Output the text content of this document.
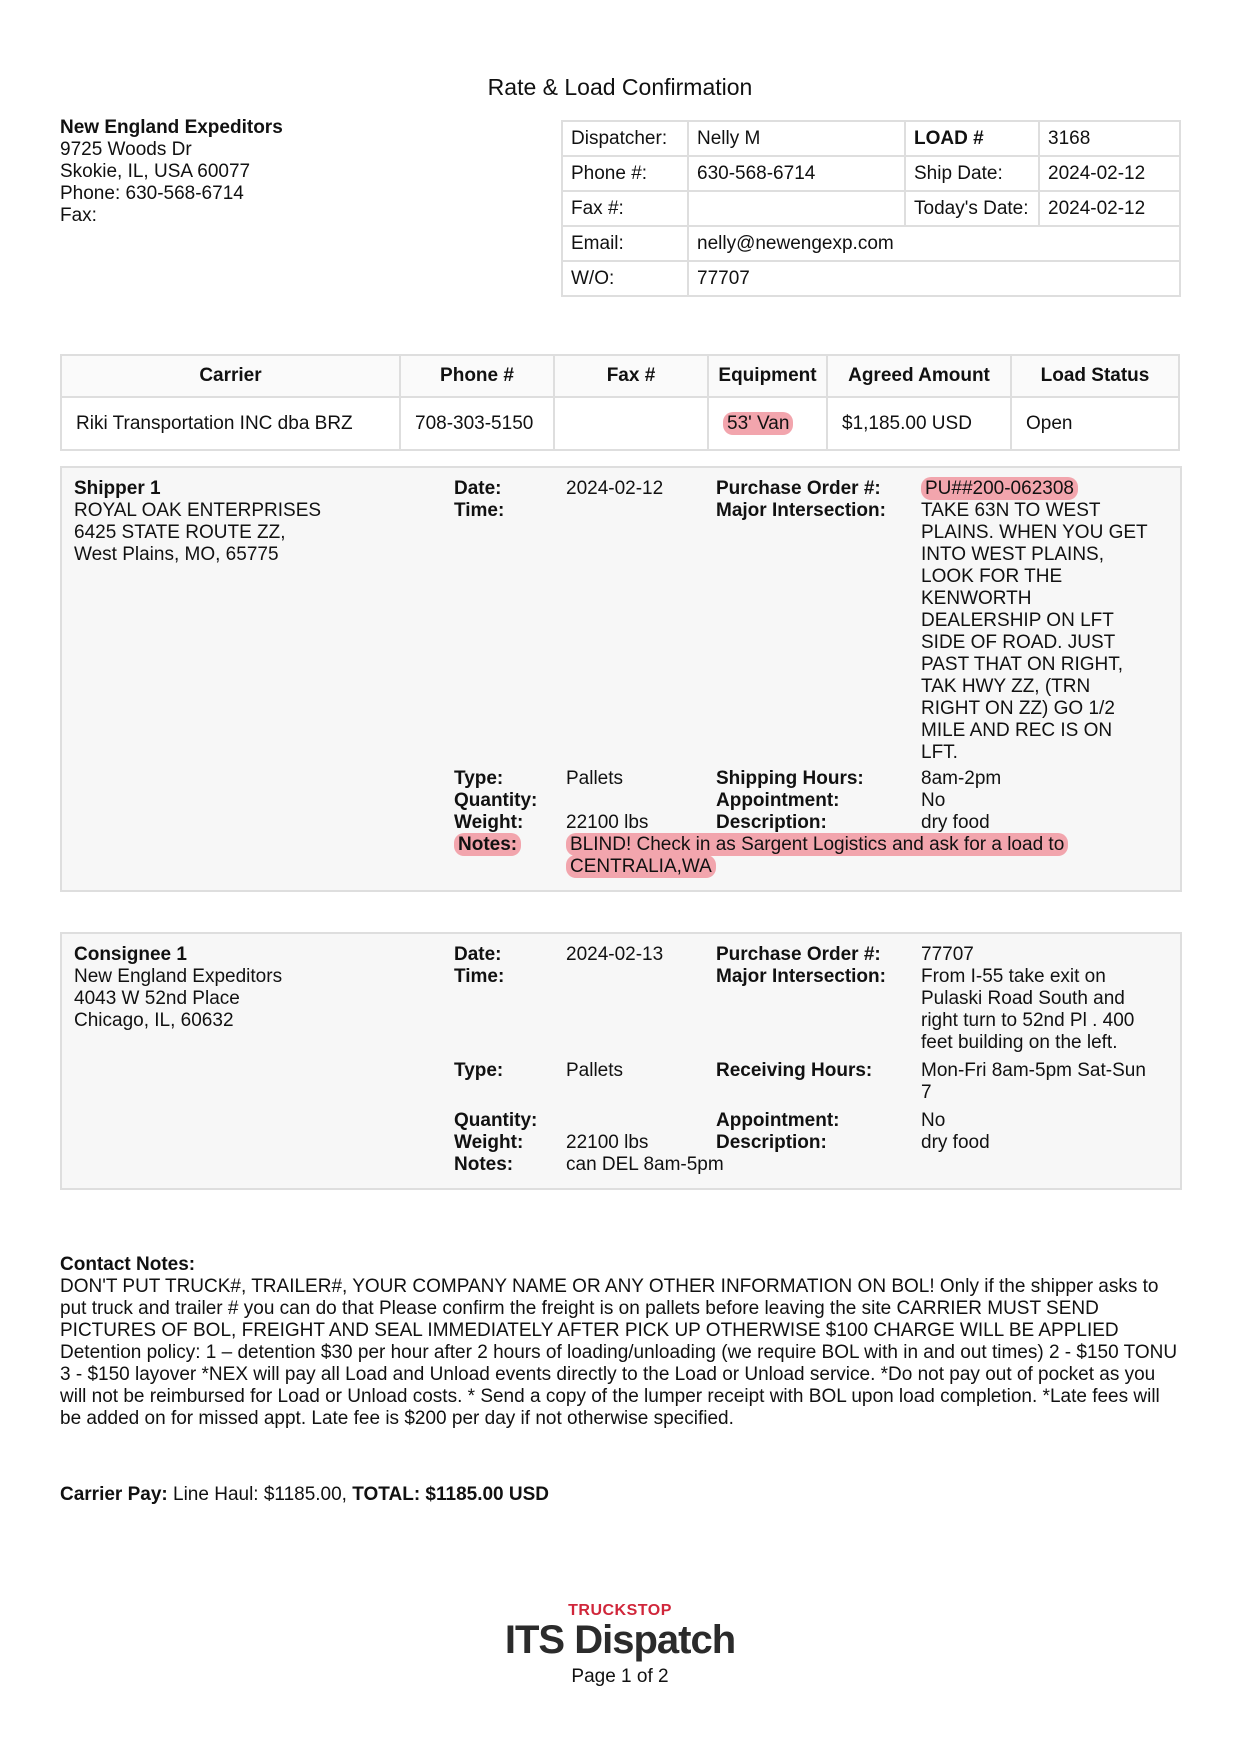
Rate & Load Confirmation
New England Expeditors
9725 Woods Dr
Skokie, IL, USA 60077
Phone: 630-568-6714
Fax:
Dispatcher:	Nelly M	LOAD #	3168
Phone #:	630-568-6714	Ship Date:	2024-02-12
Fax #:		Today's Date:	2024-02-12
Email:	nelly@newengexp.com		
W/O:	77707		
Carrier	Phone #	Fax #	Equipment	Agreed Amount	Load Status
Riki Transportation INC dba BRZ	708-303-5150		53' Van	$1,185.00 USD	Open
Shipper 1	Date:	2024-02-12	Purchase Order #:	PU##200-062308
ROYAL OAK ENTERPRISES
6425 STATE ROUTE ZZ,
West Plains, MO, 65775
Time:	Major Intersection:	TAKE 63N TO WEST PLAINS. WHEN YOU GET INTO WEST PLAINS, LOOK FOR THE KENWORTH DEALERSHIP ON LFT SIDE OF ROAD. JUST PAST THAT ON RIGHT, TAK HWY ZZ, (TRN RIGHT ON ZZ) GO 1/2 MILE AND REC IS ON LFT.
Type:	Pallets	Shipping Hours:	8am-2pm
Quantity:	Appointment:	No
Weight:	22100 lbs	Description:	dry food
Notes:	BLIND! Check in as Sargent Logistics and ask for a load to
CENTRALIA,WA
Consignee 1	Date:	2024-02-13	Purchase Order #:	77707
New England Expeditors
4043 W 52nd Place
Chicago, IL, 60632
Time:	Major Intersection:	From I-55 take exit on Pulaski Road South and right turn to 52nd Pl . 400 feet building on the left.
Type:	Pallets	Receiving Hours:	Mon-Fri 8am-5pm Sat-Sun 7
Quantity:	Appointment:	No
Weight:	22100 lbs	Description:	dry food
Notes:	can DEL 8am-5pm
Contact Notes:
DON'T PUT TRUCK#, TRAILER#, YOUR COMPANY NAME OR ANY OTHER INFORMATION ON BOL! Only if the shipper asks to put truck and trailer # you can do that Please confirm the freight is on pallets before leaving the site CARRIER MUST SEND PICTURES OF BOL, FREIGHT AND SEAL IMMEDIATELY AFTER PICK UP OTHERWISE $100 CHARGE WILL BE APPLIED Detention policy: 1 – detention $30 per hour after 2 hours of loading/unloading (we require BOL with in and out times) 2 - $150 TONU 3 - $150 layover *NEX will pay all Load and Unload events directly to the Load or Unload service. *Do not pay out of pocket as you will not be reimbursed for Load or Unload costs. * Send a copy of the lumper receipt with BOL upon load completion. *Late fees will be added on for missed appt. Late fee is $200 per day if not otherwise specified.
Carrier Pay: Line Haul: $1185.00, TOTAL: $1185.00 USD
TRUCKSTOP
ITS Dispatch
Page 1 of 2
